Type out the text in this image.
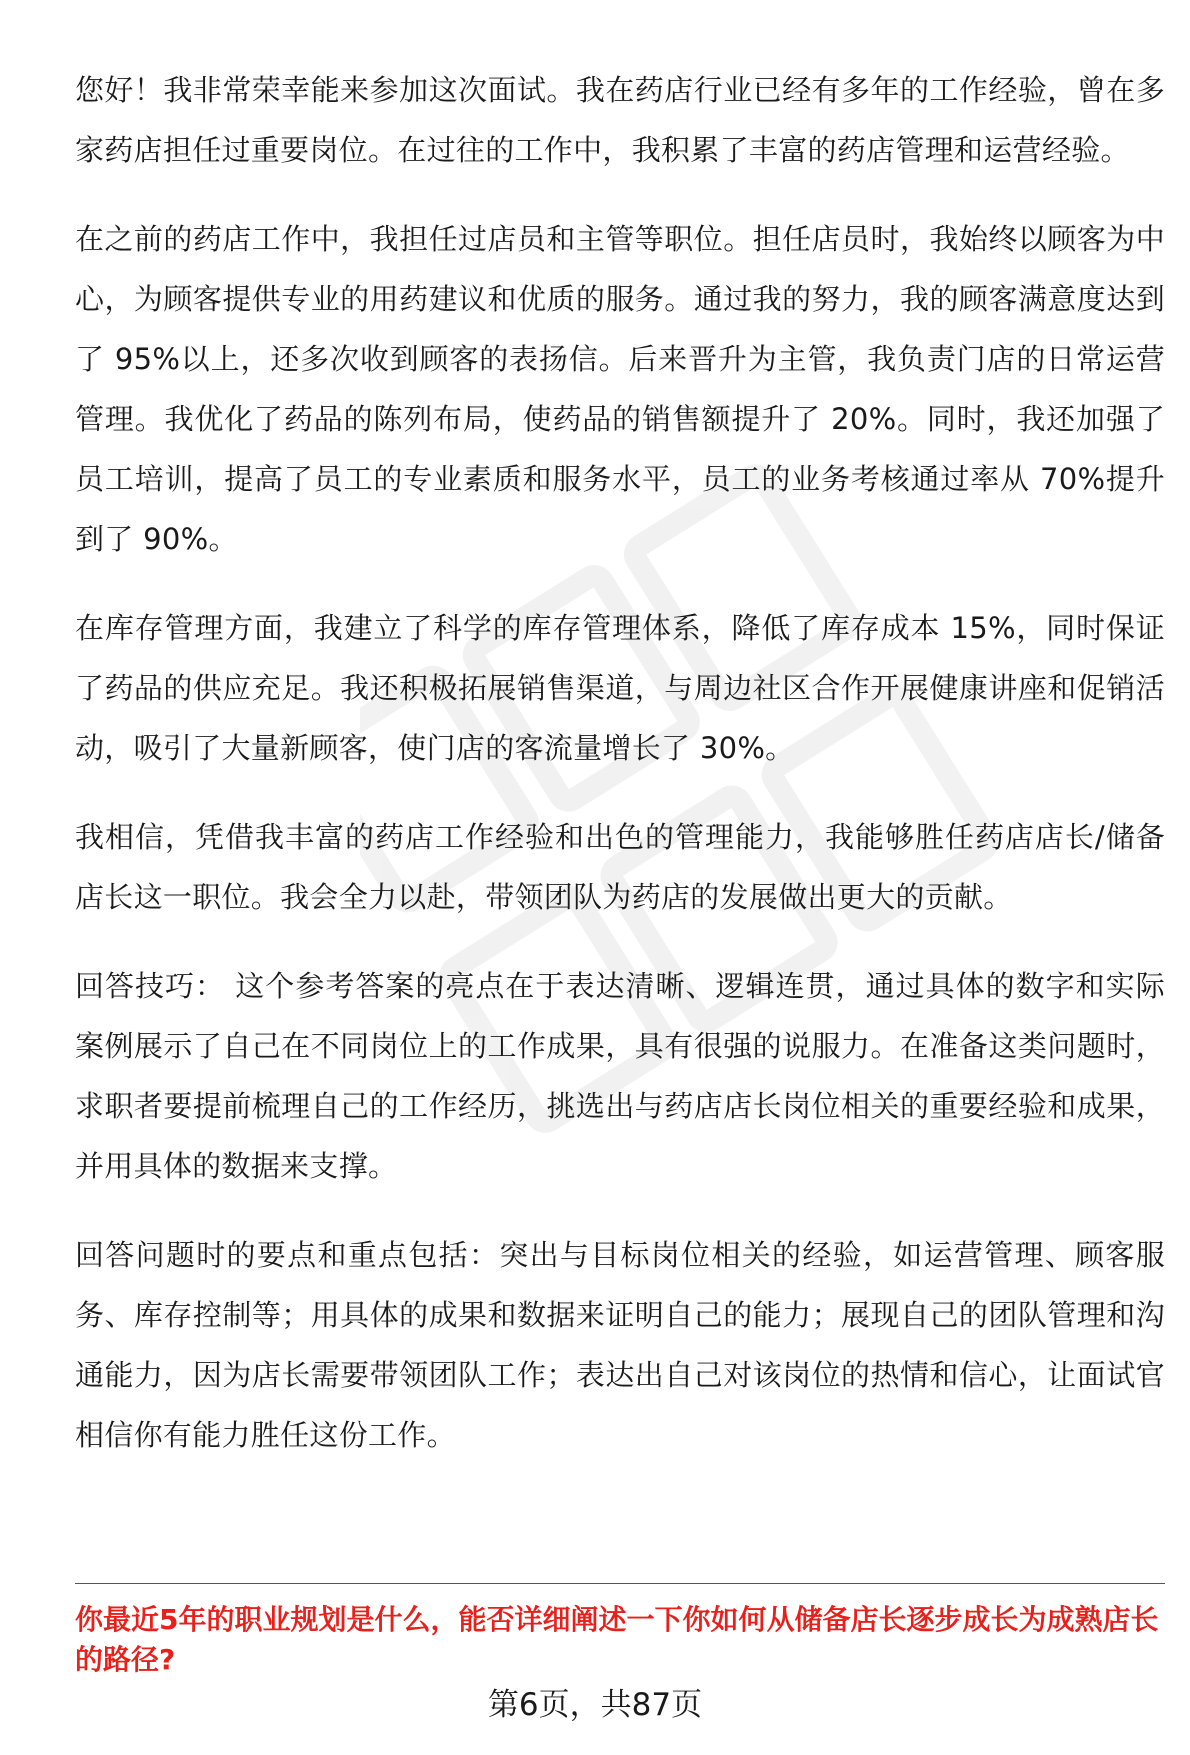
您好！我非常荣幸能来参加这次面试。我在药店行业已经有多年的工作经验，曾在多家药店担任过重要岗位。在过往的工作中，我积累了丰富的药店管理和运营经验。

在之前的药店工作中，我担任过店员和主管等职位。担任店员时，我始终以顾客为中心，为顾客提供专业的用药建议和优质的服务。通过我的努力，我的顾客满意度达到了 95%以上，还多次收到顾客的表扬信。后来晋升为主管，我负责门店的日常运营管理。我优化了药品的陈列布局，使药品的销售额提升了 20%。同时，我还加强了员工培训，提高了员工的专业素质和服务水平，员工的业务考核通过率从 70%提升到了 90%。

在库存管理方面，我建立了科学的库存管理体系，降低了库存成本 15%，同时保证了药品的供应充足。我还积极拓展销售渠道，与周边社区合作开展健康讲座和促销活动，吸引了大量新顾客，使门店的客流量增长了 30%。

我相信，凭借我丰富的药店工作经验和出色的管理能力，我能够胜任药店店长/储备店长这一职位。我会全力以赴，带领团队为药店的发展做出更大的贡献。

回答技巧： 这个参考答案的亮点在于表达清晰、逻辑连贯，通过具体的数字和实际案例展示了自己在不同岗位上的工作成果，具有很强的说服力。在准备这类问题时，求职者要提前梳理自己的工作经历，挑选出与药店店长岗位相关的重要经验和成果，并用具体的数据来支撑。

回答问题时的要点和重点包括：突出与目标岗位相关的经验，如运营管理、顾客服务、库存控制等；用具体的成果和数据来证明自己的能力；展现自己的团队管理和沟通能力，因为店长需要带领团队工作；表达出自己对该岗位的热情和信心，让面试官相信你有能力胜任这份工作。

你最近5年的职业规划是什么，能否详细阐述一下你如何从储备店长逐步成长为成熟店长的路径?
第6页，共87页
